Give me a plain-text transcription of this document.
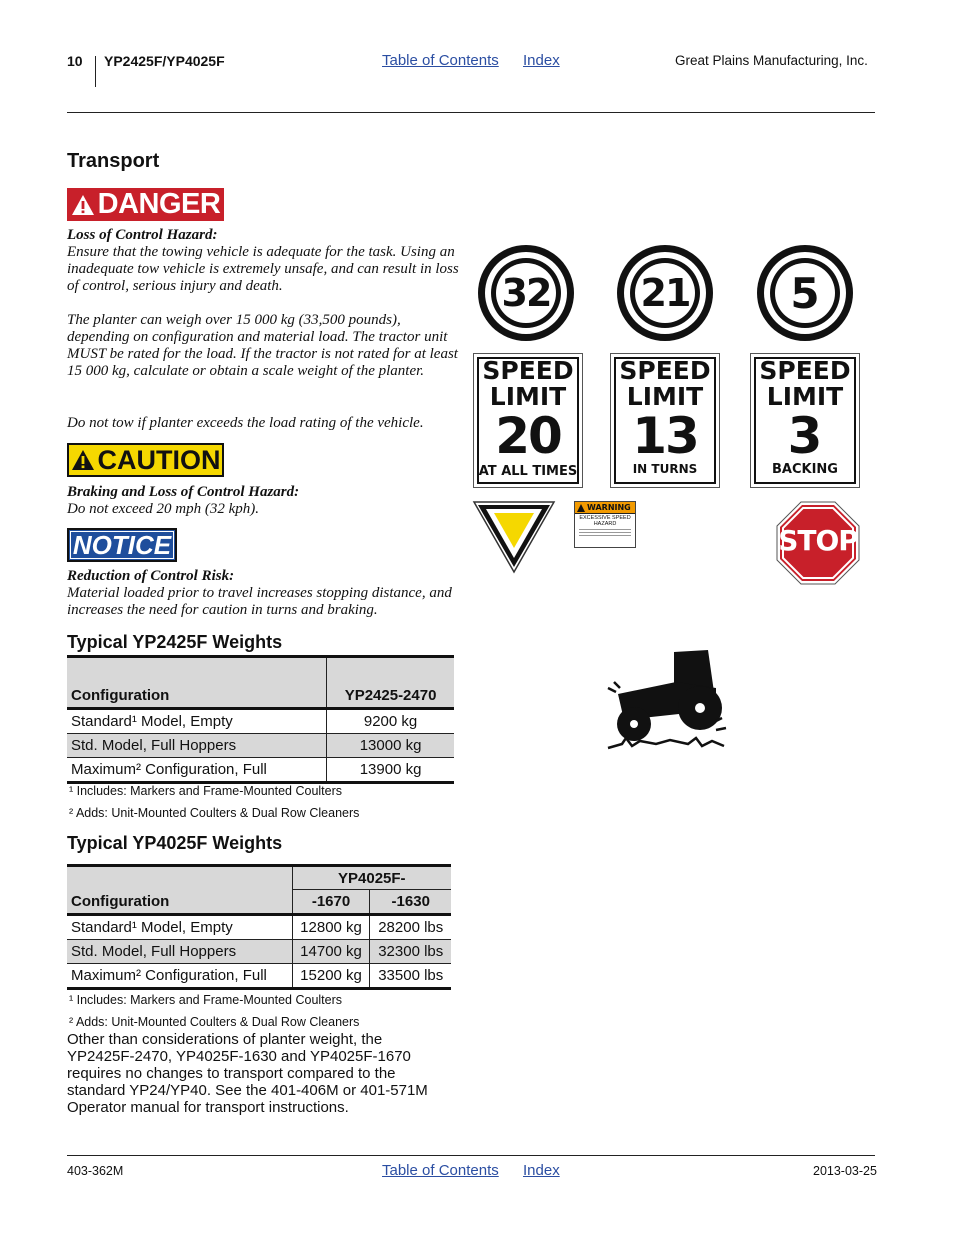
10 YP2425F/YP4025F	Table of Contents Index	Great Plains Manufacturing, Inc.
Transport
DANGER
Loss of Control Hazard:
Ensure that the towing vehicle is adequate for the task. Using an inadequate tow vehicle is extremely unsafe, and can result in loss of control, serious injury and death.
The planter can weigh over 15 000 kg (33,500 pounds), depending on configuration and material load. The tractor unit MUST be rated for the load. If the tractor is not rated for at least 15 000 kg, calculate or obtain a scale weight of the planter.
Do not tow if planter exceeds the load rating of the vehicle.
CAUTION
Braking and Loss of Control Hazard:
Do not exceed 20 mph (32 kph).
NOTICE
Reduction of Control Risk:
Material loaded prior to travel increases stopping distance, and increases the need for caution in turns and braking.
Typical YP2425F Weights
Configuration	YP2425-2470
Standard¹ Model, Empty	9200 kg
Std. Model, Full Hoppers	13000 kg
Maximum² Configuration, Full	13900 kg
¹ Includes: Markers and Frame-Mounted Coulters
² Adds: Unit-Mounted Coulters & Dual Row Cleaners
Typical YP4025F Weights
Configuration	YP4025F-	
	-1670	-1630
Standard¹ Model, Empty	12800 kg	28200 lbs
Std. Model, Full Hoppers	14700 kg	32300 lbs
Maximum² Configuration, Full	15200 kg	33500 lbs
¹ Includes: Markers and Frame-Mounted Coulters
² Adds: Unit-Mounted Coulters & Dual Row Cleaners
Other than considerations of planter weight, the YP2425F-2470, YP4025F-1630 and YP4025F-1670 requires no changes to transport compared to the standard YP24/YP40. See the 401-406M or 401-571M Operator manual for transport instructions.
32 21	5
SPEED
LIMIT
20
AT ALL TIMES
SPEED
LIMIT
13
IN TURNS
SPEED
LIMIT
3
BACKING
WARNING
EXCESSIVE SPEED
HAZARD	STOP
403-362M	Table of Contents Index	2013-03-25
